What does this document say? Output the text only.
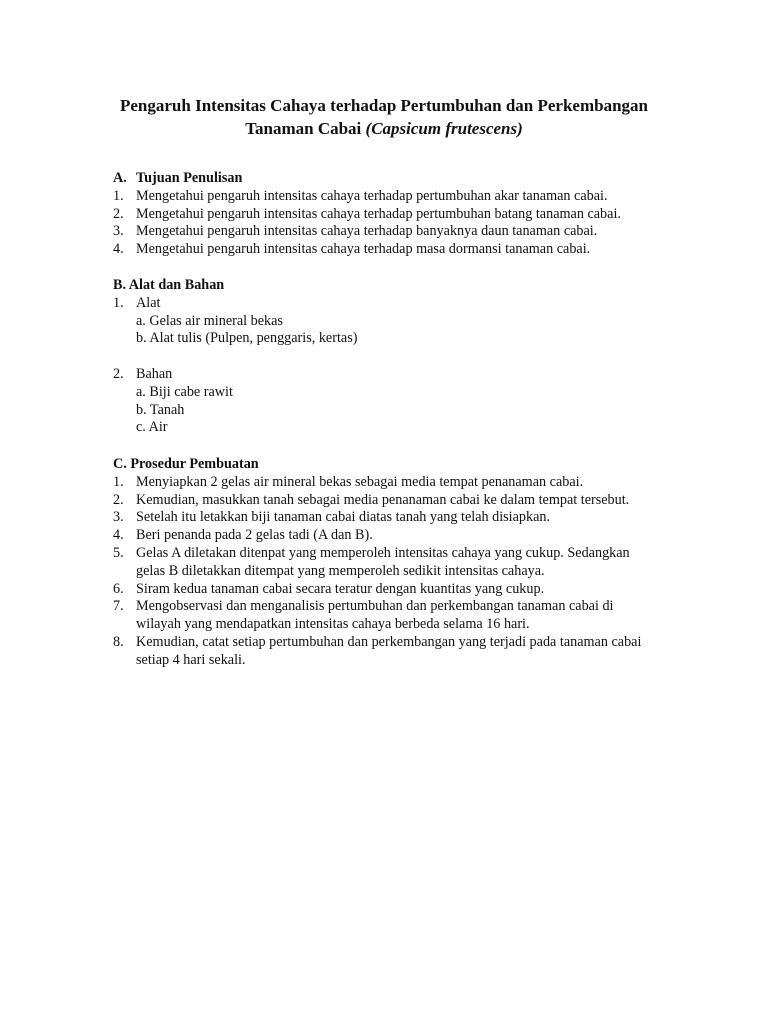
Pengaruh Intensitas Cahaya terhadap Pertumbuhan dan Perkembangan
Tanaman Cabai (Capsicum frutescens)
A. Tujuan Penulisan
1. Mengetahui pengaruh intensitas cahaya terhadap pertumbuhan akar tanaman cabai.
2. Mengetahui pengaruh intensitas cahaya terhadap pertumbuhan batang tanaman cabai.
3. Mengetahui pengaruh intensitas cahaya terhadap banyaknya daun tanaman cabai.
4. Mengetahui pengaruh intensitas cahaya terhadap masa dormansi tanaman cabai.
B. Alat dan Bahan
1. Alat
a. Gelas air mineral bekas
b. Alat tulis (Pulpen, penggaris, kertas)
2. Bahan
a. Biji cabe rawit
b. Tanah
c. Air
C. Prosedur Pembuatan
1. Menyiapkan 2 gelas air mineral bekas sebagai media tempat penanaman cabai.
2. Kemudian, masukkan tanah sebagai media penanaman cabai ke dalam tempat tersebut.
3. Setelah itu letakkan biji tanaman cabai diatas tanah yang telah disiapkan.
4. Beri penanda pada 2 gelas tadi (A dan B).
5. Gelas A diletakan ditenpat yang memperoleh intensitas cahaya yang cukup. Sedangkan
gelas B diletakkan ditempat yang memperoleh sedikit intensitas cahaya.
6. Siram kedua tanaman cabai secara teratur dengan kuantitas yang cukup.
7. Mengobservasi dan menganalisis pertumbuhan dan perkembangan tanaman cabai di
wilayah yang mendapatkan intensitas cahaya berbeda selama 16 hari.
8. Kemudian, catat setiap pertumbuhan dan perkembangan yang terjadi pada tanaman cabai
setiap 4 hari sekali.
